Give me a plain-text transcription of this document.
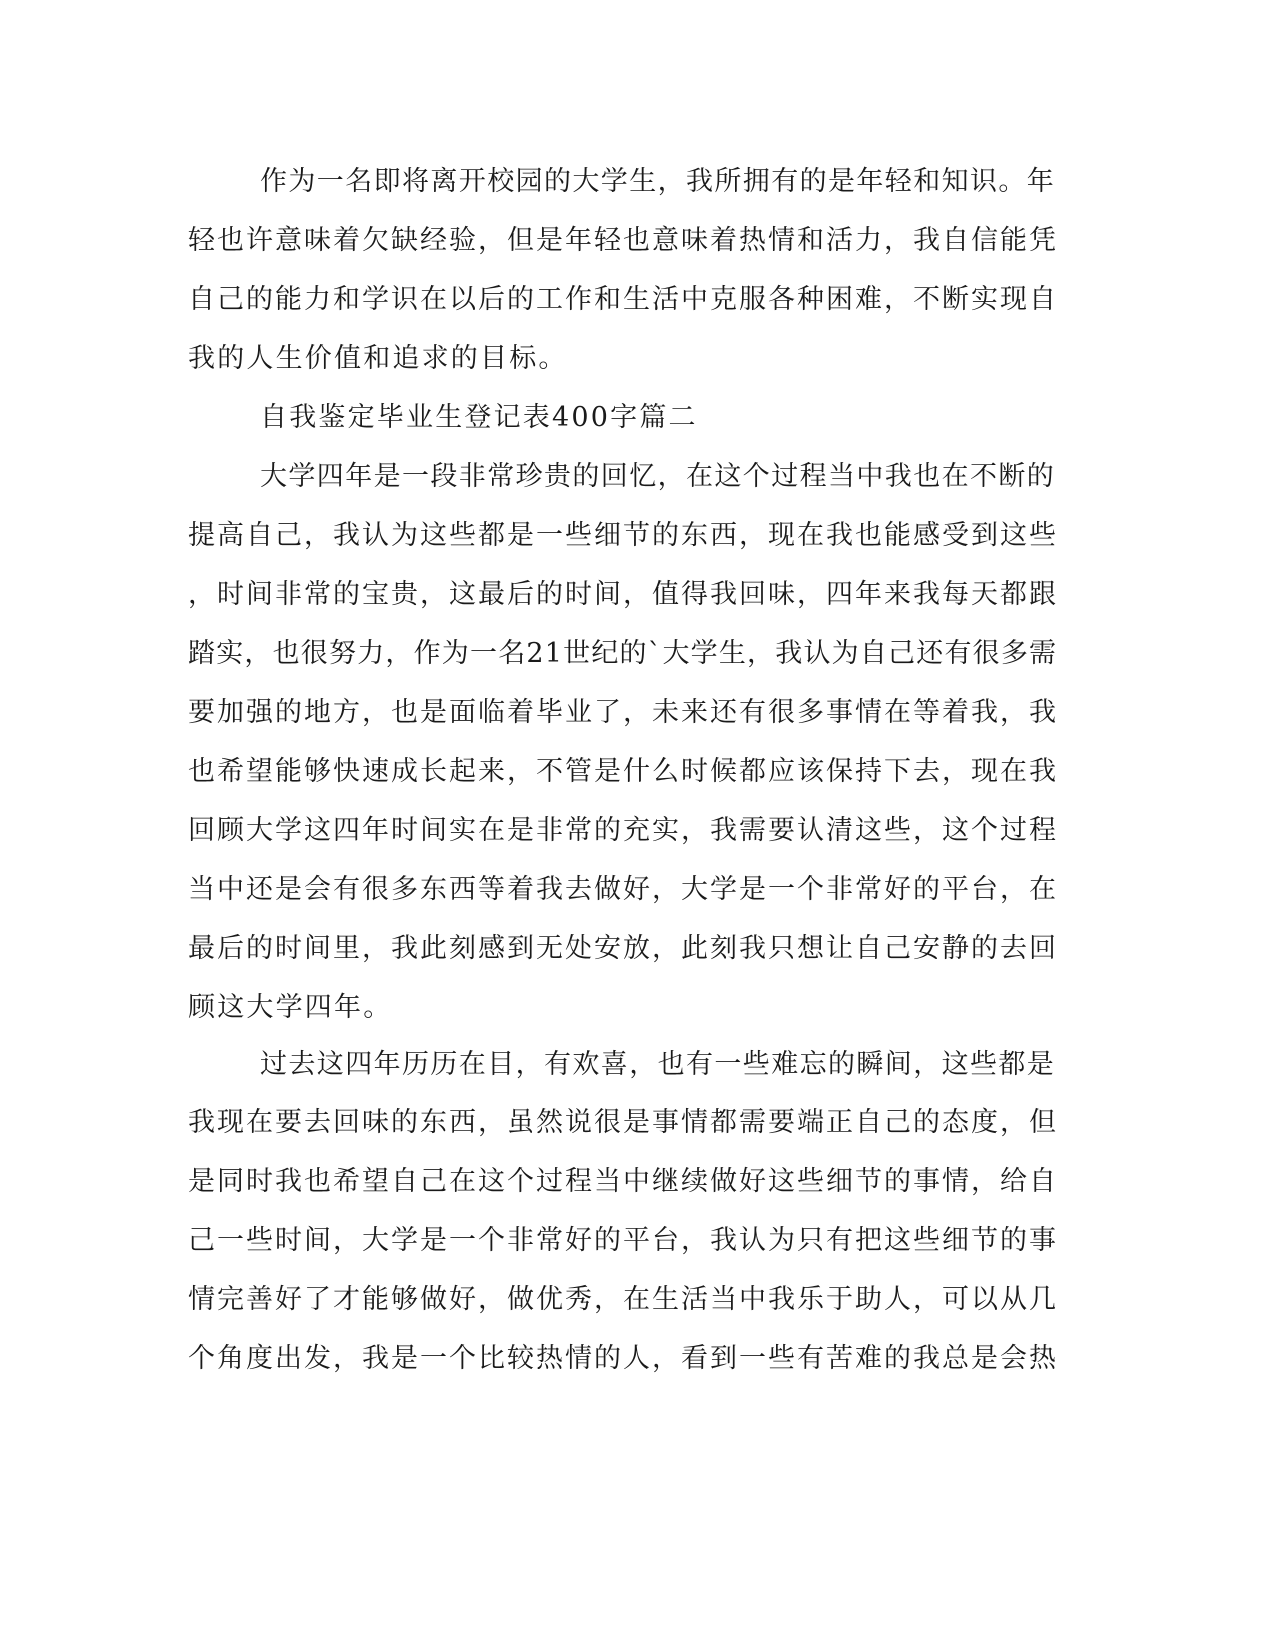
作为一名即将离开校园的大学生，我所拥有的是年轻和知识。年
轻也许意味着欠缺经验，但是年轻也意味着热情和活力，我自信能凭
自己的能力和学识在以后的工作和生活中克服各种困难，不断实现自
我的人生价值和追求的目标。
自我鉴定毕业生登记表400字篇二
大学四年是一段非常珍贵的回忆，在这个过程当中我也在不断的
提高自己，我认为这些都是一些细节的东西，现在我也能感受到这些
，时间非常的宝贵，这最后的时间，值得我回味，四年来我每天都跟
踏实，也很努力，作为一名21世纪的`大学生，我认为自己还有很多需
要加强的地方，也是面临着毕业了，未来还有很多事情在等着我，我
也希望能够快速成长起来，不管是什么时候都应该保持下去，现在我
回顾大学这四年时间实在是非常的充实，我需要认清这些，这个过程
当中还是会有很多东西等着我去做好，大学是一个非常好的平台，在
最后的时间里，我此刻感到无处安放，此刻我只想让自己安静的去回
顾这大学四年。
过去这四年历历在目，有欢喜，也有一些难忘的瞬间，这些都是
我现在要去回味的东西，虽然说很是事情都需要端正自己的态度，但
是同时我也希望自己在这个过程当中继续做好这些细节的事情，给自
己一些时间，大学是一个非常好的平台，我认为只有把这些细节的事
情完善好了才能够做好，做优秀，在生活当中我乐于助人，可以从几
个角度出发，我是一个比较热情的人，看到一些有苦难的我总是会热
